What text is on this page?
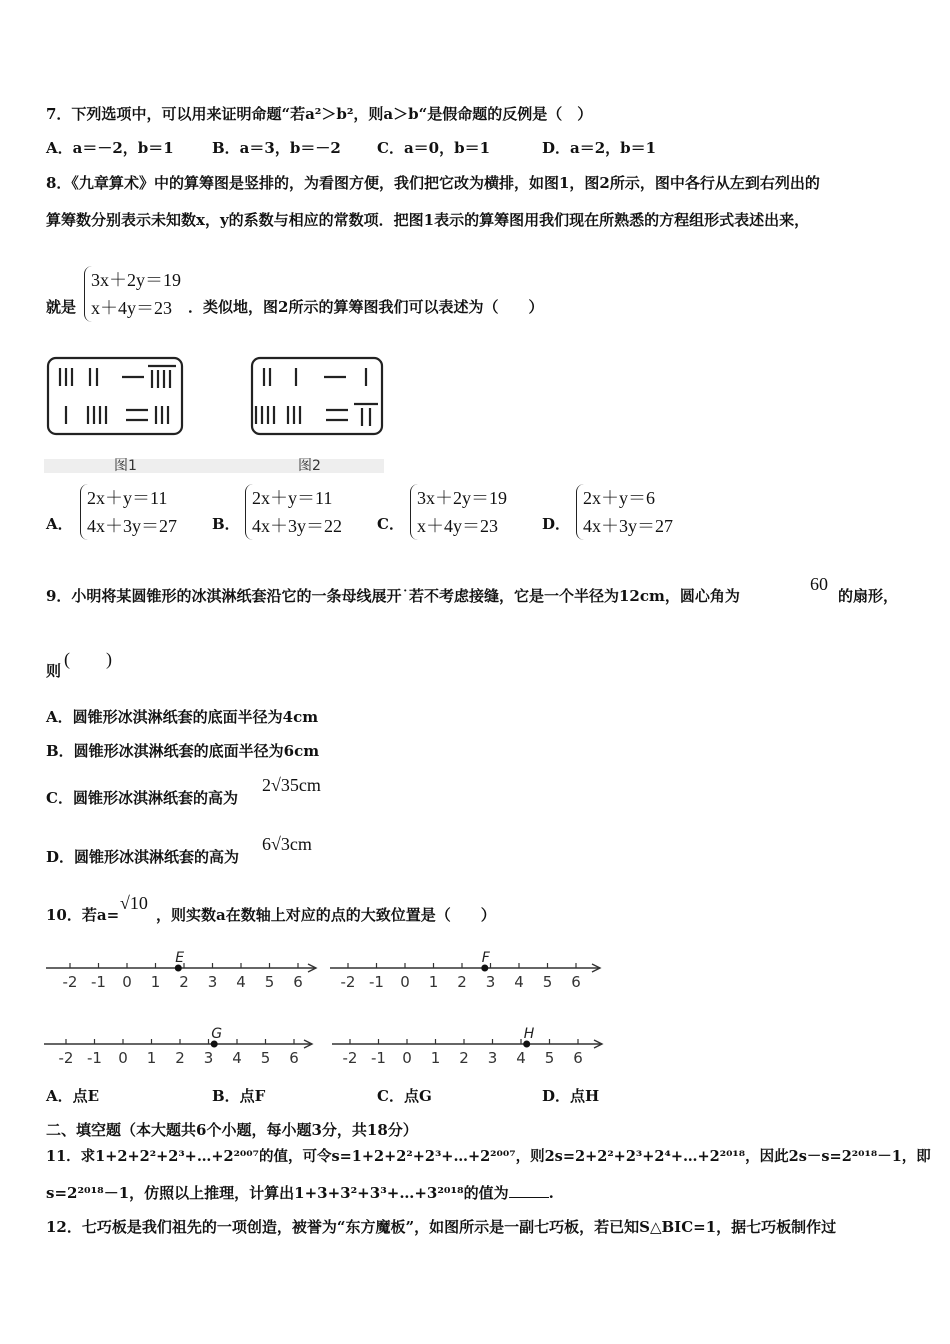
7．下列选项中，可以用来证明命题“若a²＞b²，则a＞b“是假命题的反例是（　）
A．a＝－2，b＝1	B．a＝3，b＝－2 C．a＝0，b＝1	D．a＝2，b＝1
8．《九章算术》中的算筹图是竖排的，为看图方便，我们把它改为横排，如图1，图2所示，图中各行从左到右列出的
算筹数分别表示未知数x，y的系数与相应的常数项．把图1表示的算筹图用我们现在所熟悉的方程组形式表述出来，
就是
3x＋2y＝19
x＋4y＝23	．类似地，图2所示的算筹图我们可以表述为（　　）
图1	图2
A．
2x＋y＝11
4x＋3y＝27 B．
2x＋y＝11
4x＋3y＝22 C．
3x＋2y＝19
x＋4y＝23	D．
2x＋y＝6
4x＋3y＝27
9．小明将某圆锥形的冰淇淋纸套沿它的一条母线展开˙若不考虑接缝，它是一个半径为12cm，圆心角为
60
的扇形，
则
(　　)
A．圆锥形冰淇淋纸套的底面半径为4cm
B．圆锥形冰淇淋纸套的底面半径为6cm
C．圆锥形冰淇淋纸套的高为
2√35cm
D．圆锥形冰淇淋纸套的高为
6√3cm
10．若a=
√10
，则实数a在数轴上对应的点的大致位置是（　　）
-2 -1 0 1 2 3 4 5 6
E
-2 -1 0 1 2 3 4 5 6
F
-2 -1 0 1 2 3 4 5 6
G
-2 -1 0 1 2 3 4 5 6
H
A．点E	B．点F	C．点G	D．点H
二、填空题（本大题共6个小题，每小题3分，共18分）
11．求1+2+2²+2³+…+2²⁰⁰⁷的值，可令s=1+2+2²+2³+…+2²⁰⁰⁷，则2s=2+2²+2³+2⁴+…+2²⁰¹⁸，因此2s－s=2²⁰¹⁸－1，即
s=2²⁰¹⁸－1，仿照以上推理，计算出1+3+3²+3³+…+3²⁰¹⁸的值为	.
12．七巧板是我们祖先的一项创造，被誉为“东方魔板”，如图所示是一副七巧板，若已知S△BIC=1，据七巧板制作过
